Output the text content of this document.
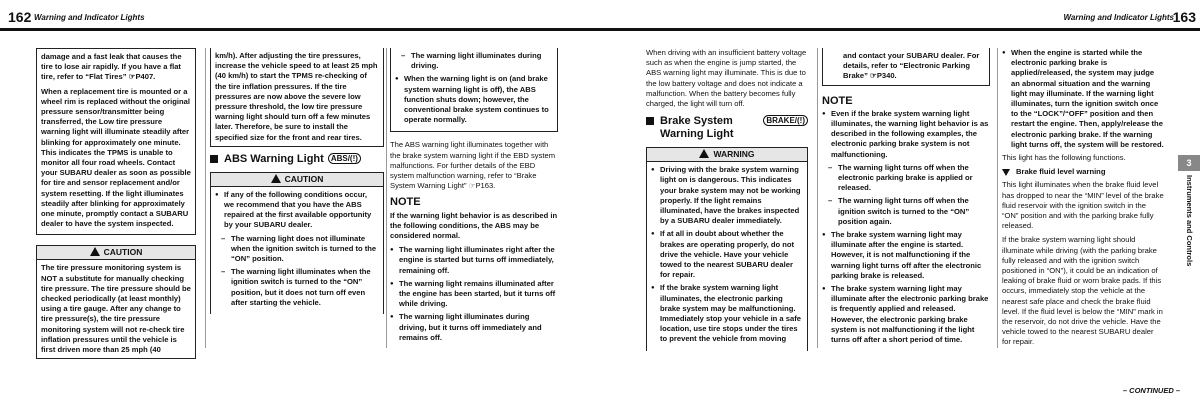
162 Warning and Indicator Lights

damage and a fast leak that causes the tire to lose air rapidly. If you have a flat tire, refer to “Flat Tires” ☞P407.

When a replacement tire is mounted or a wheel rim is replaced without the original pressure sensor/transmitter being transferred, the Low tire pressure warning light will illuminate steadily after blinking for approximately one minute. This indicates the TPMS is unable to monitor all four road wheels. Contact your SUBARU dealer as soon as possible for tire and sensor replacement and/or system resetting. If the light illuminates steadily after blinking for approximately one minute, promptly contact a SUBARU dealer to have the system inspected.

CAUTION

The tire pressure monitoring system is NOT a substitute for manually checking tire pressure. The tire pressure should be checked periodically (at least monthly) using a tire gauge. After any change to tire pressure(s), the tire pressure monitoring system will not re-check tire inflation pressures until the vehicle is first driven more than 25 mph (40

km/h). After adjusting the tire pressures, increase the vehicle speed to at least 25 mph (40 km/h) to start the TPMS re-checking of the tire inflation pressures. If the tire pressures are now above the severe low pressure threshold, the low tire pressure warning light should turn off a few minutes later. Therefore, be sure to install the specified size for the front and rear tires.

ABS Warning Light ABS/(!)
CAUTION
● If any of the following conditions occur, we recommend that you have the ABS repaired at the first available opportunity by your SUBARU dealer.
– The warning light does not illuminate when the ignition switch is turned to the “ON” position.
– The warning light illuminates when the ignition switch is turned to the “ON” position, but it does not turn off even after starting the vehicle.
– The warning light illuminates during driving.
● When the warning light is on (and brake system warning light is off), the ABS function shuts down; however, the conventional brake system continues to operate normally.

The ABS warning light illuminates together with the brake system warning light if the EBD system malfunctions. For further details of the EBD system malfunction warning, refer to “Brake System Warning Light” ☞P163.

NOTE

If the warning light behavior is as described in the following conditions, the ABS may be considered normal.

● The warning light illuminates right after the engine is started but turns off immediately, remaining off.
● The warning light remains illuminated after the engine has been started, but it turns off while driving.
● The warning light illuminates during driving, but it turns off immediately and remains off.
Warning and Indicator Lights
163

When driving with an insufficient battery voltage such as when the engine is jump started, the ABS warning light may illuminate. This is due to the low battery voltage and does not indicate a malfunction. When the battery becomes fully charged, the light will turn off.

Brake System Warning Light
BRAKE/(!)
WARNING
● Driving with the brake system warning light on is dangerous. This indicates your brake system may not be working properly. If the light remains illuminated, have the brakes inspected by a SUBARU dealer immediately.
● If at all in doubt about whether the brakes are operating properly, do not drive the vehicle. Have your vehicle towed to the nearest SUBARU dealer for repair.
● If the brake system warning light illuminates, the electronic parking brake system may be malfunctioning. Immediately stop your vehicle in a safe location, use tire stops under the tires to prevent the vehicle from moving

and contact your SUBARU dealer. For details, refer to “Electronic Parking Brake” ☞P340.

NOTE
● Even if the brake system warning light illuminates, the warning light behavior is as described in the following examples, the electronic parking brake system is not malfunctioning.
– The warning light turns off when the electronic parking brake is applied or released.
– The warning light turns off when the ignition switch is turned to the “ON” position again.
● The brake system warning light may illuminate after the engine is started. However, it is not malfunctioning if the warning light turns off after the electronic parking brake is released.
● The brake system warning light may illuminate after the electronic parking brake is frequently applied and released. However, the electronic parking brake system is not malfunctioning if the light turns off after a short period of time.
● When the engine is started while the electronic parking brake is applied/released, the system may judge an abnormal situation and the warning light may illuminate. If the warning light illuminates, turn the ignition switch once to the “LOCK”/“OFF” position and then restart the engine. Then, apply/release the electronic parking brake. If the warning light turns off, the system will be restored.

This light has the following functions.

Brake fluid level warning

This light illuminates when the brake fluid level has dropped to near the “MIN” level of the brake fluid reservoir with the ignition switch in the “ON” position and with the parking brake fully released.

If the brake system warning light should illuminate while driving (with the parking brake fully released and with the ignition switch positioned in “ON”), it could be an indication of leaking of brake fluid or worn brake pads. If this occurs, immediately stop the vehicle at the nearest safe place and check the brake fluid level. If the fluid level is below the “MIN” mark in the reservoir, do not drive the vehicle. Have the vehicle towed to the nearest SUBARU dealer for repair.

3
Instruments and Controls
– CONTINUED –
